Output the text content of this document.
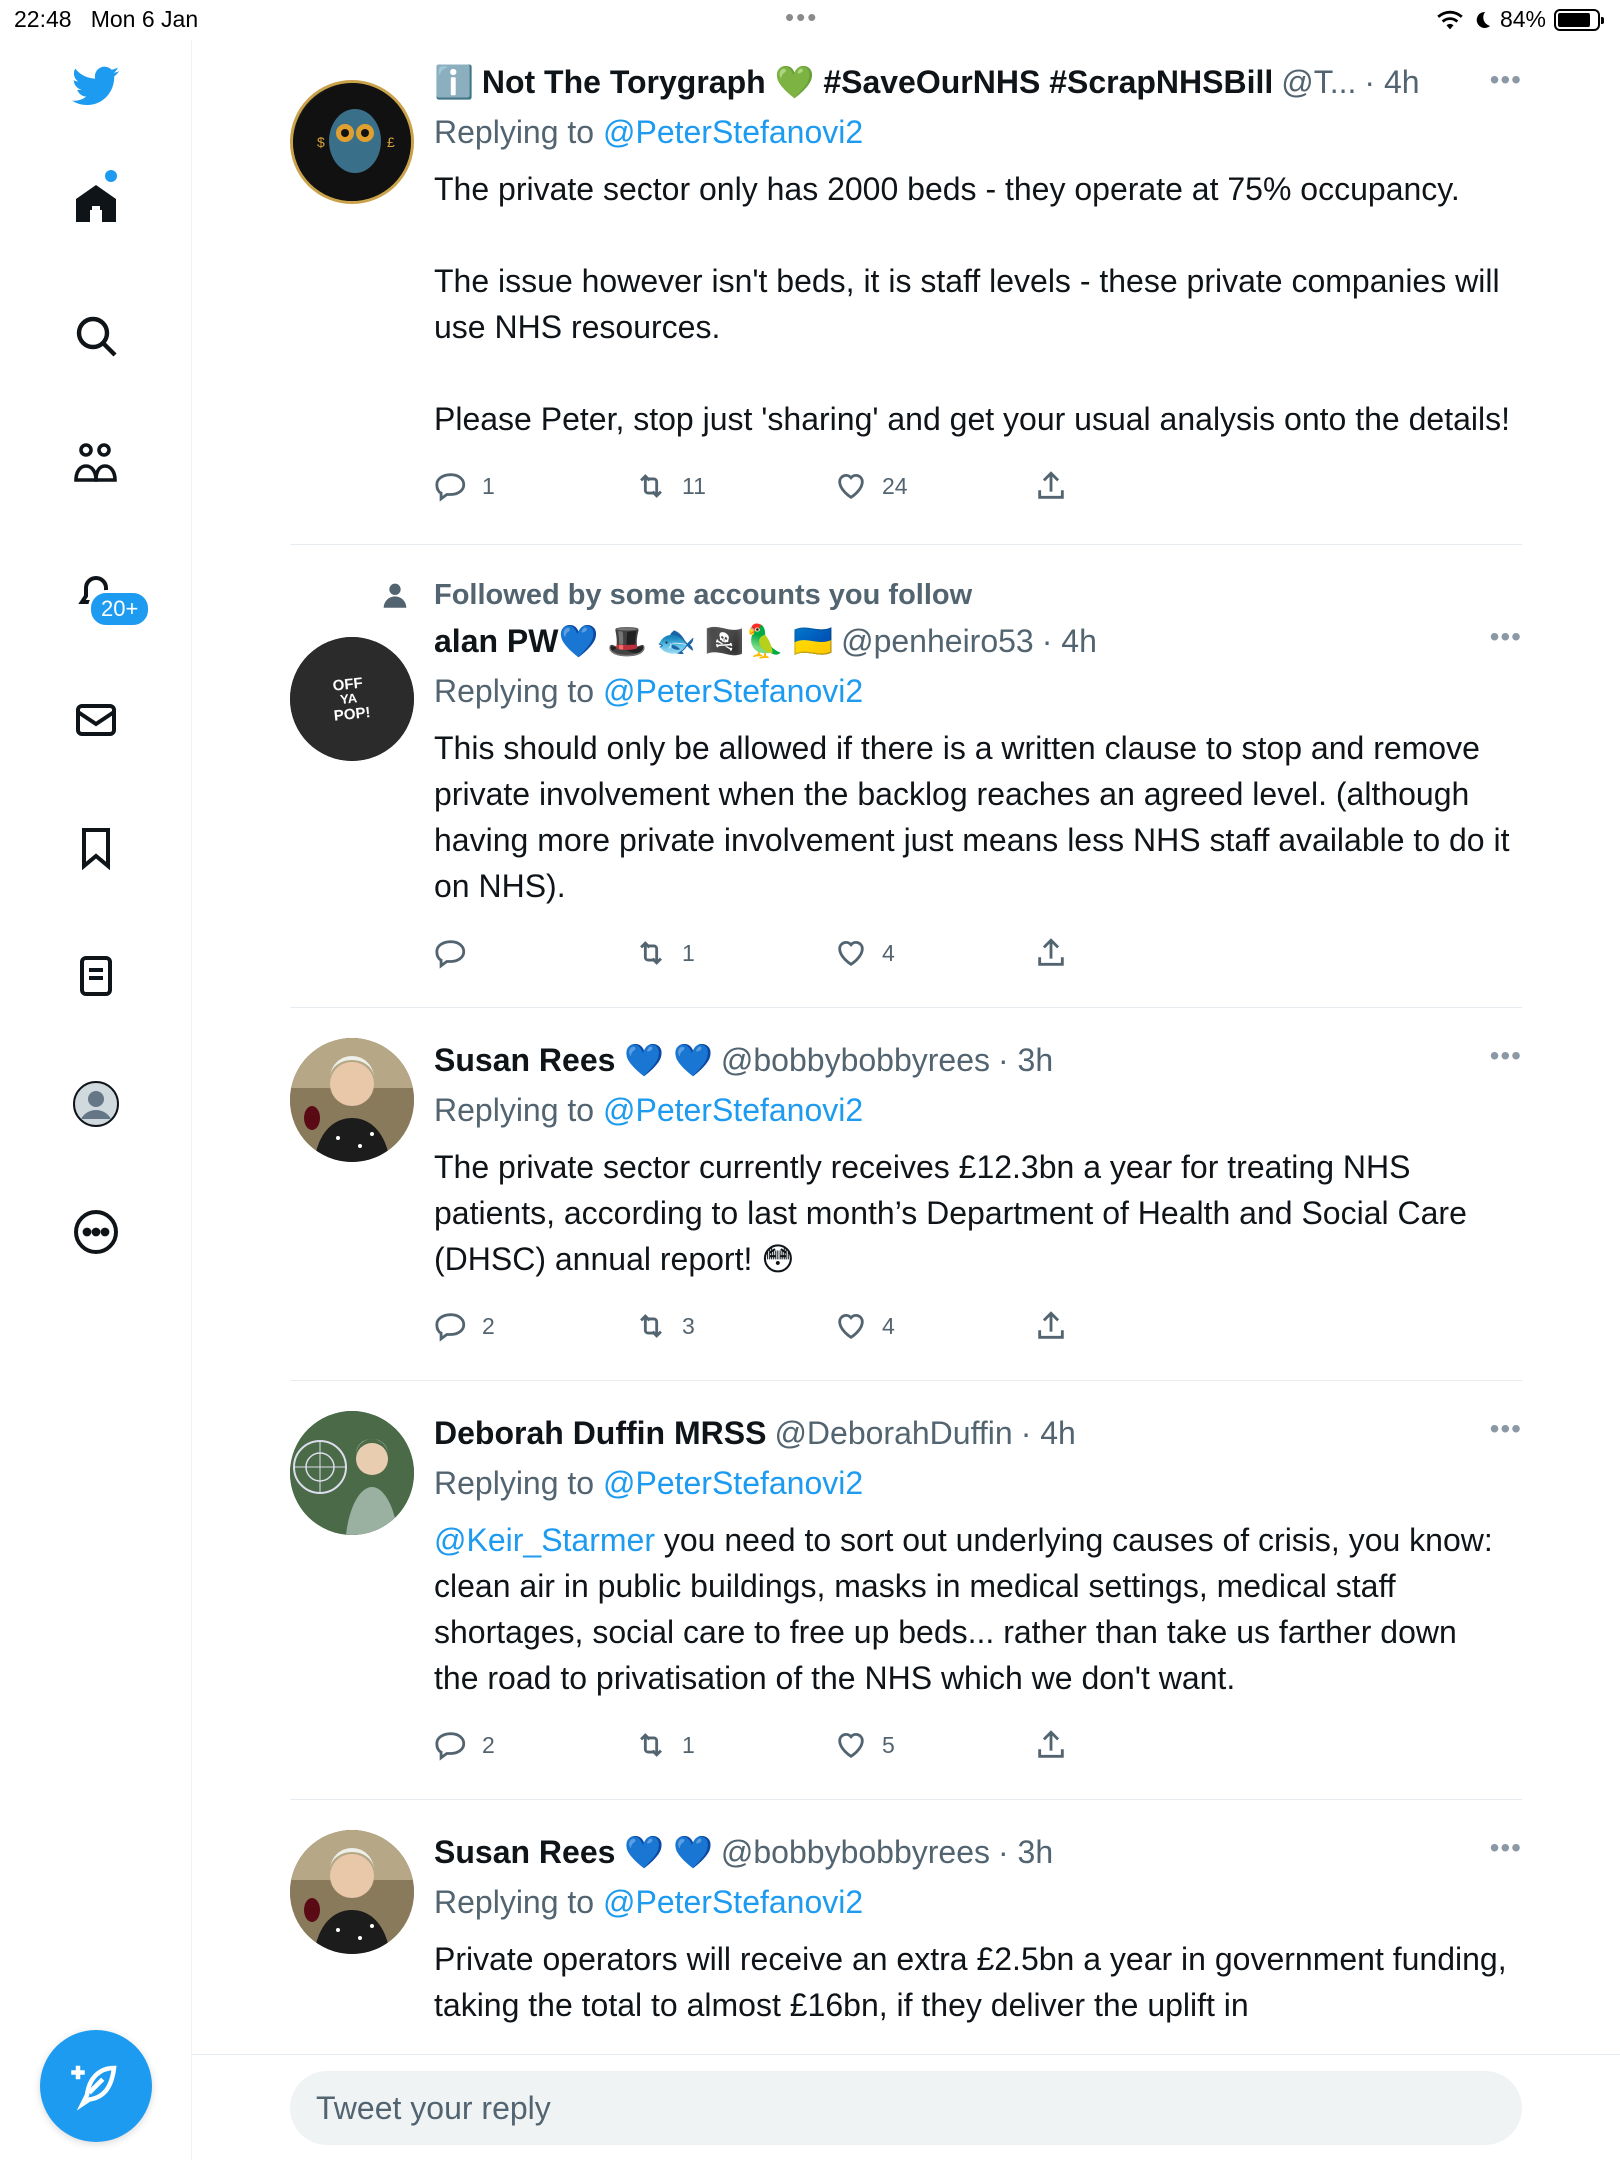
22:48 Mon 6 Jan	•••	84%
20+
$	£
ℹ️ Not The Torygraph 💚 #SaveOurNHS #ScrapNHSBill @T... · 4h	•••
Replying to @PeterStefanovi2
The private sector only has 2000 beds - they operate at 75% occupancy.

The issue however isn't beds, it is staff levels - these private companies will use NHS resources.

Please Peter, stop just 'sharing' and get your usual analysis onto the details!
1	11	24
Followed by some accounts you follow
OFF
YA
POP!
alan PW💙 🎩 🐟 🏴‍☠️🦜 🇺🇦 @penheiro53 · 4h	•••
Replying to @PeterStefanovi2
This should only be allowed if there is a written clause to stop and remove private involvement when the backlog reaches an agreed level. (although having more private involvement just means less NHS staff available to do it on NHS).
1	4
Susan Rees 💙 💙 @bobbybobbyrees · 3h	•••
Replying to @PeterStefanovi2
The private sector currently receives £12.3bn a year for treating NHS patients, according to last month’s Department of Health and Social Care (DHSC) annual report! 😳
2	3	4
Deborah Duffin MRSS @DeborahDuffin · 4h	•••
Replying to @PeterStefanovi2
@Keir_Starmer you need to sort out underlying causes of crisis, you know: clean air in public buildings, masks in medical settings, medical staff shortages, social care to free up beds... rather than take us farther down the road to privatisation of the NHS which we don't want.
2	1	5
Susan Rees 💙 💙 @bobbybobbyrees · 3h	•••
Replying to @PeterStefanovi2
Private operators will receive an extra £2.5bn a year in government funding, taking the total to almost £16bn, if they deliver the uplift in
Tweet your reply
